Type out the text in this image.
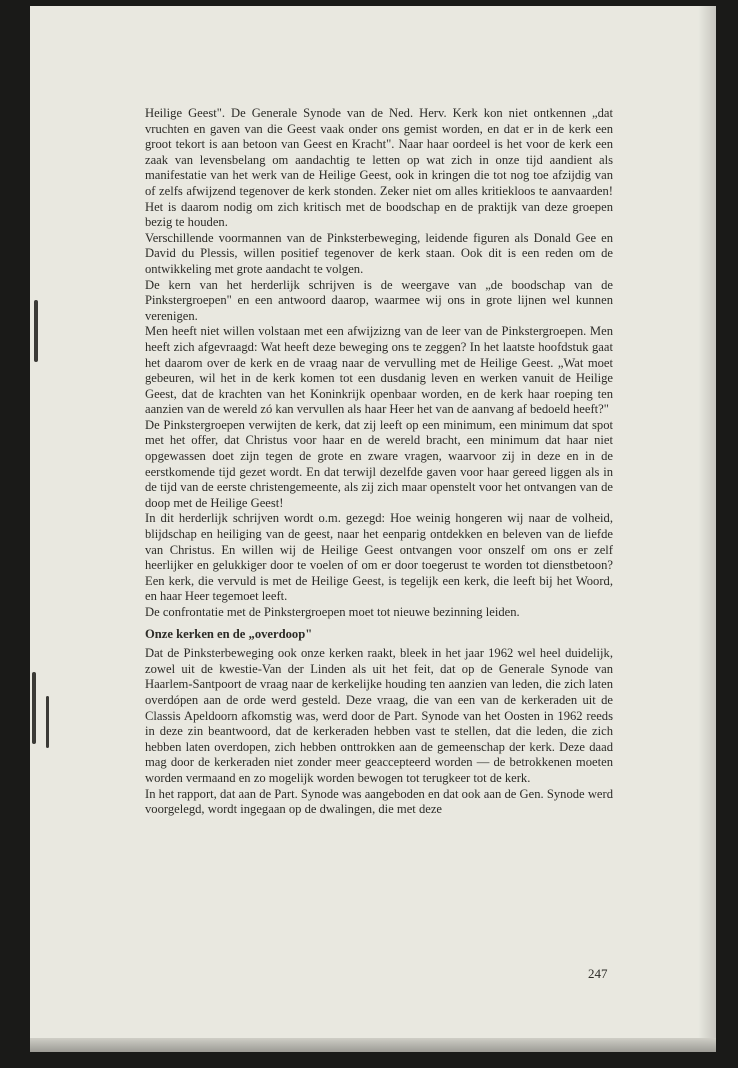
Heilige Geest". De Generale Synode van de Ned. Herv. Kerk kon niet ontkennen „dat vruchten en gaven van die Geest vaak onder ons gemist worden, en dat er in de kerk een groot tekort is aan betoon van Geest en Kracht". Naar haar oordeel is het voor de kerk een zaak van levensbelang om aandachtig te letten op wat zich in onze tijd aandient als manifestatie van het werk van de Heilige Geest, ook in kringen die tot nog toe afzijdig van of zelfs afwijzend tegenover de kerk stonden. Zeker niet om alles kritiekloos te aanvaarden! Het is daarom nodig om zich kritisch met de boodschap en de praktijk van deze groepen bezig te houden.

Verschillende voormannen van de Pinksterbeweging, leidende figuren als Donald Gee en David du Plessis, willen positief tegenover de kerk staan. Ook dit is een reden om de ontwikkeling met grote aandacht te volgen.

De kern van het herderlijk schrijven is de weergave van „de boodschap van de Pinkstergroepen" en een antwoord daarop, waarmee wij ons in grote lijnen wel kunnen verenigen.

Men heeft niet willen volstaan met een afwijzizng van de leer van de Pinkstergroepen. Men heeft zich afgevraagd: Wat heeft deze beweging ons te zeggen? In het laatste hoofdstuk gaat het daarom over de kerk en de vraag naar de vervulling met de Heilige Geest. „Wat moet gebeuren, wil het in de kerk komen tot een dusdanig leven en werken vanuit de Heilige Geest, dat de krachten van het Koninkrijk openbaar worden, en de kerk haar roeping ten aanzien van de wereld zó kan vervullen als haar Heer het van de aanvang af bedoeld heeft?"

De Pinkstergroepen verwijten de kerk, dat zij leeft op een minimum, een minimum dat spot met het offer, dat Christus voor haar en de wereld bracht, een minimum dat haar niet opgewassen doet zijn tegen de grote en zware vragen, waarvoor zij in deze en in de eerstkomende tijd gezet wordt. En dat terwijl dezelfde gaven voor haar gereed liggen als in de tijd van de eerste christengemeente, als zij zich maar openstelt voor het ontvangen van de doop met de Heilige Geest!

In dit herderlijk schrijven wordt o.m. gezegd: Hoe weinig hongeren wij naar de volheid, blijdschap en heiliging van de geest, naar het eenparig ontdekken en beleven van de liefde van Christus. En willen wij de Heilige Geest ontvangen voor onszelf om ons er zelf heerlijker en gelukkiger door te voelen of om er door toegerust te worden tot dienstbetoon? Een kerk, die vervuld is met de Heilige Geest, is tegelijk een kerk, die leeft bij het Woord, en haar Heer tegemoet leeft.

De confrontatie met de Pinkstergroepen moet tot nieuwe bezinning leiden.

Onze kerken en de „overdoop"

Dat de Pinksterbeweging ook onze kerken raakt, bleek in het jaar 1962 wel heel duidelijk, zowel uit de kwestie-Van der Linden als uit het feit, dat op de Generale Synode van Haarlem-Santpoort de vraag naar de kerkelijke houding ten aanzien van leden, die zich laten overdópen aan de orde werd gesteld. Deze vraag, die van een van de kerkeraden uit de Classis Apeldoorn afkomstig was, werd door de Part. Synode van het Oosten in 1962 reeds in deze zin beantwoord, dat de kerkeraden hebben vast te stellen, dat die leden, die zich hebben laten overdopen, zich hebben onttrokken aan de gemeenschap der kerk. Deze daad mag door de kerkeraden niet zonder meer geaccepteerd worden — de betrokkenen moeten worden vermaand en zo mogelijk worden bewogen tot terugkeer tot de kerk.

In het rapport, dat aan de Part. Synode was aangeboden en dat ook aan de Gen. Synode werd voorgelegd, wordt ingegaan op de dwalingen, die met deze

247
